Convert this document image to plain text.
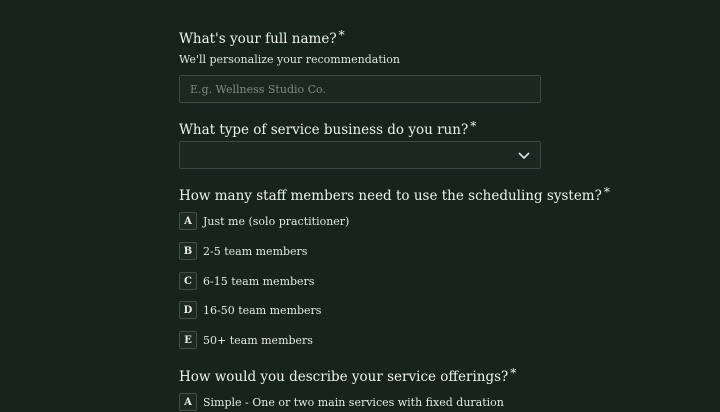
What's your full name? *
We'll personalize your recommendation
E.g. Wellness Studio Co.
What type of service business do you run? *
How many staff members need to use the scheduling system? *
A	Just me (solo practitioner)
B 2-5 team members
C	6-15 team members
D 16-50 team members
E	50+ team members
How would you describe your service offerings? *
A	Simple - One or two main services with fixed duration
